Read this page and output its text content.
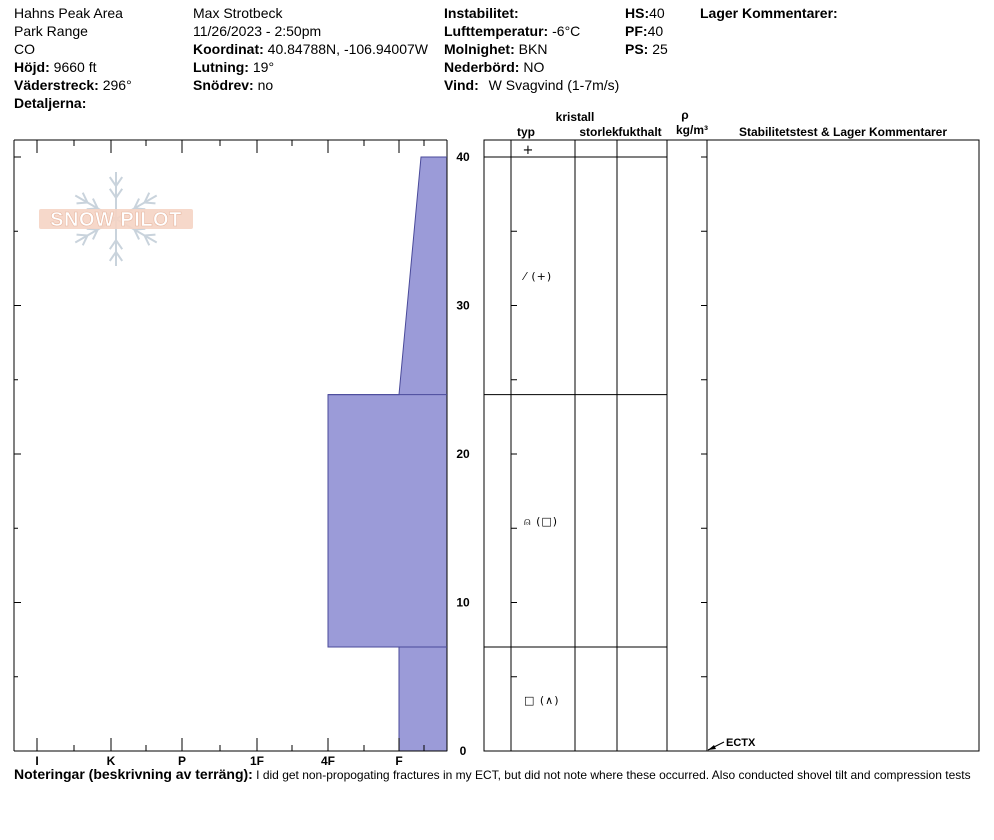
Hahns Peak Area
Park Range
CO
Höjd: 9660 ft
Väderstreck: 296°
Detaljerna:
Max Strotbeck
11/26/2023 - 2:50pm
Koordinat: 40.84788N, -106.94007W
Lutning: 19°
Snödrev: no
Instabilitet:
Lufttemperatur: -6°C
Molnighet: BKN
Nederbörd: NO
Vind: W Svagvind (1-7m/s)
HS:40
PF:40
PS: 25
Lager Kommentarer:
SNOW PILOT
I	K	P	1F	4F	F
0
10
20
30
40
kristall
typ	storlek fukthalt
ρ
kg/m³	Stabilitetstest & Lager Kommentarer
+
⁄ (+)
⍝ (□)
□ (∧)
ECTX
Noteringar (beskrivning av terräng): I did get non-propogating fractures in my ECT, but did not note where these occurred. Also conducted shovel tilt and compression tests
